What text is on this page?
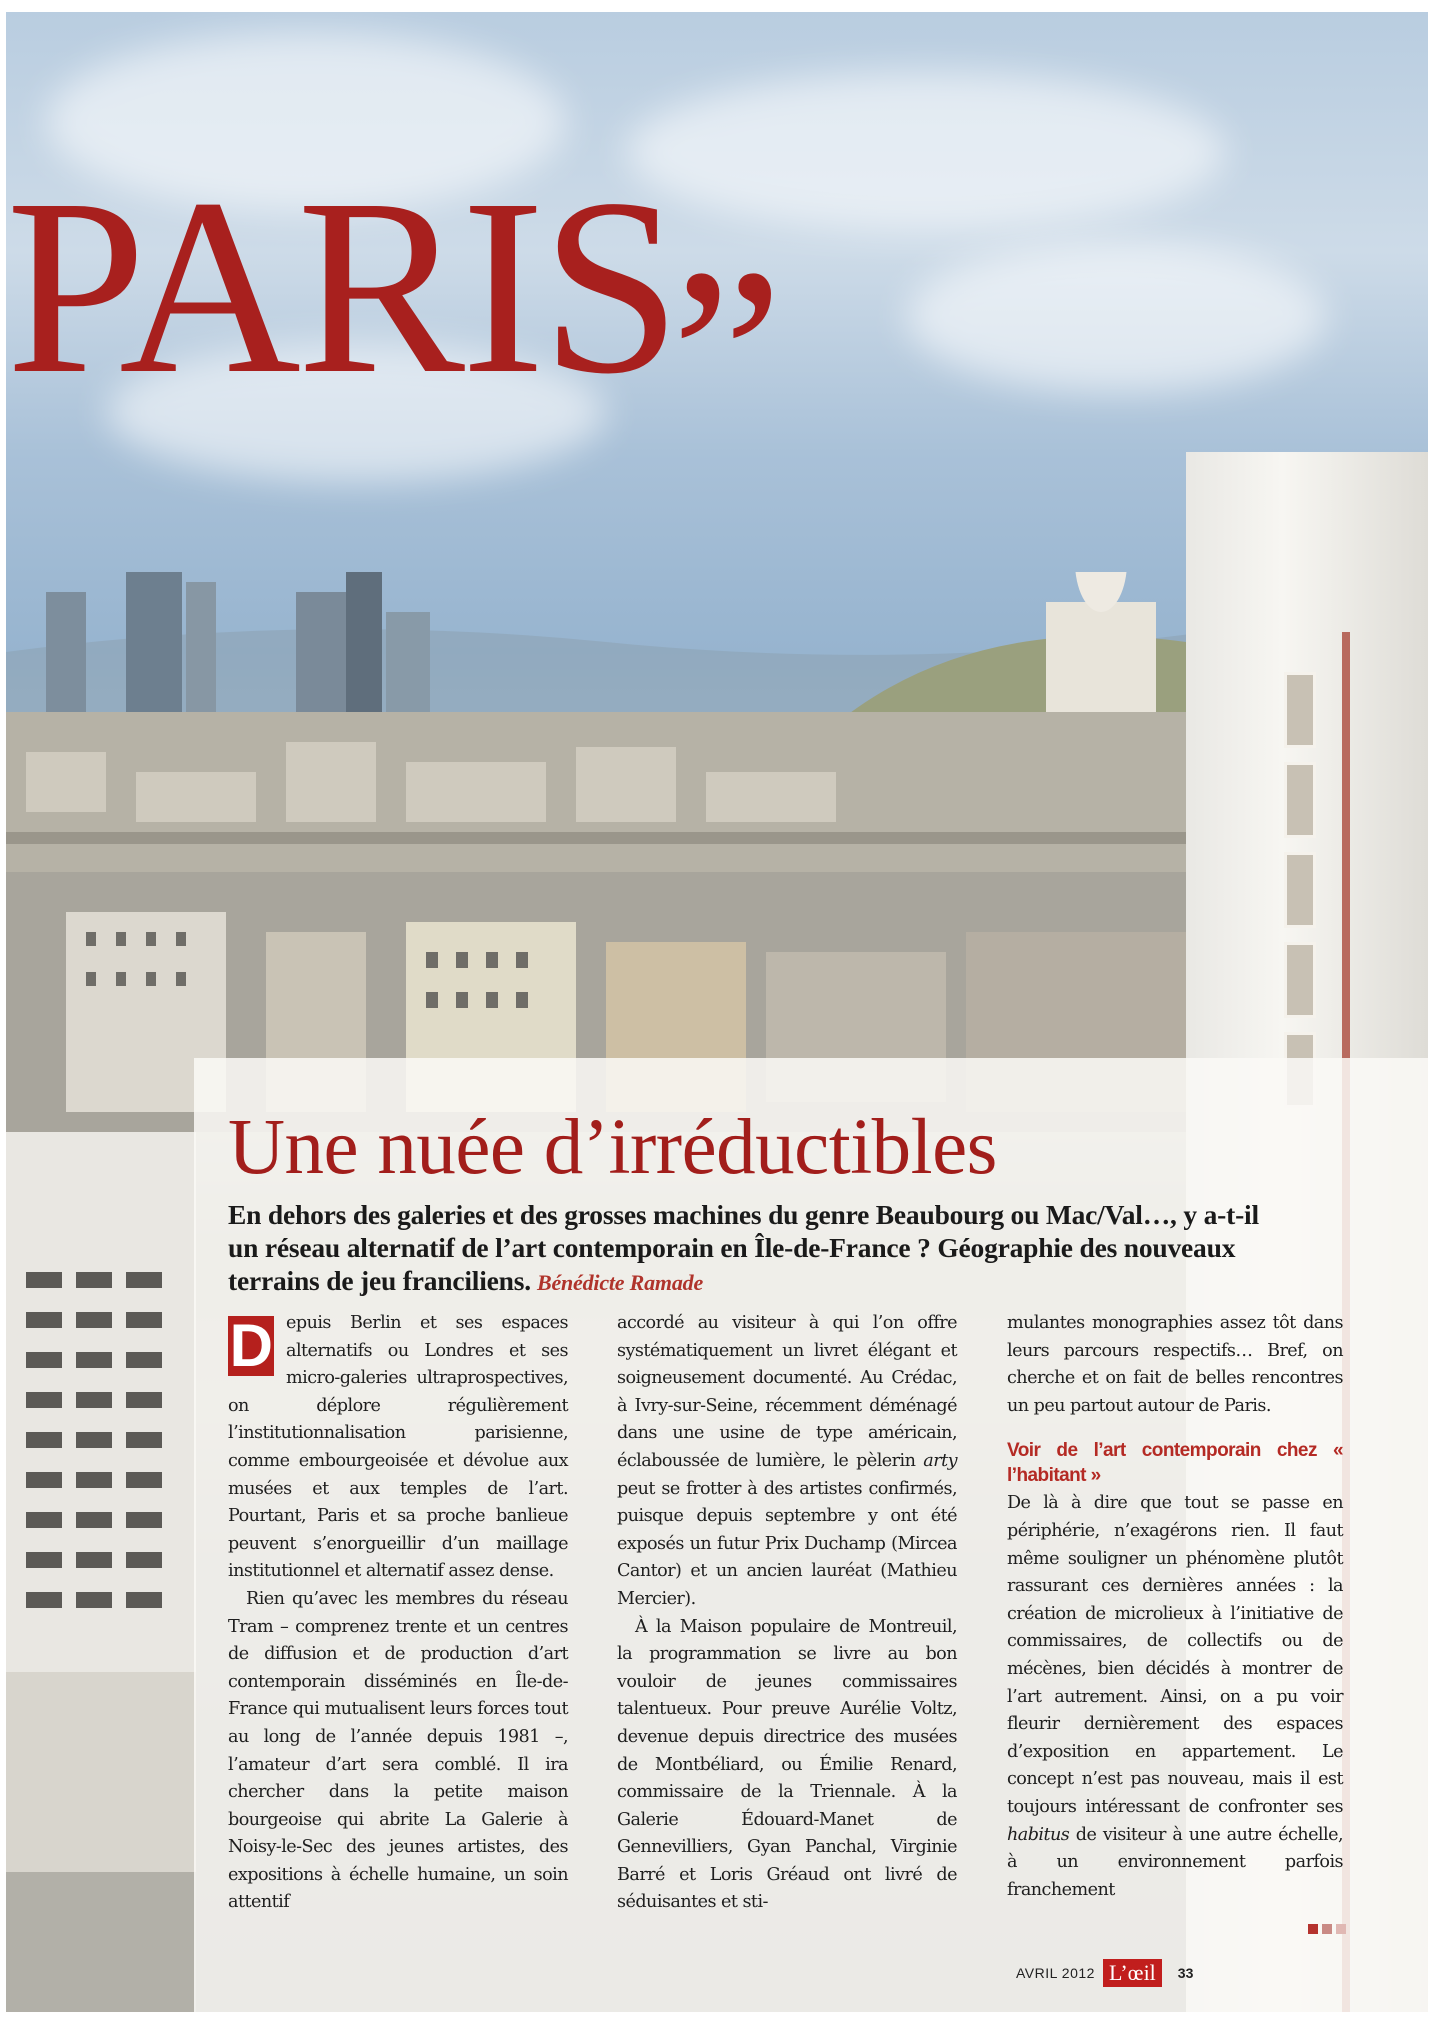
PARIS”
Une nuée d’irréductibles

En dehors des galeries et des grosses machines du genre Beaubourg ou Mac/Val…, y a-t-il un réseau alternatif de l’art contemporain en Île-de-France ? Géographie des nouveaux terrains de jeu franciliens. Bénédicte Ramade

D epuis Berlin et ses espaces alternatifs ou Londres et ses micro-galeries ultraprospectives, on déplore régulièrement l’institutionnalisation parisienne, comme embourgeoisée et dévolue aux musées et aux temples de l’art. Pourtant, Paris et sa proche banlieue peuvent s’enorgueillir d’un maillage institutionnel et alternatif assez dense.

Rien qu’avec les membres du réseau Tram – comprenez trente et un centres de diffusion et de production d’art contemporain disséminés en Île-de-France qui mutualisent leurs forces tout au long de l’année depuis 1981 –, l’amateur d’art sera comblé. Il ira chercher dans la petite maison bourgeoise qui abrite La Galerie à Noisy-le-Sec des jeunes artistes, des expositions à échelle humaine, un soin attentif

accordé au visiteur à qui l’on offre systématiquement un livret élégant et soigneusement documenté. Au Crédac, à Ivry-sur-Seine, récemment déménagé dans une usine de type américain, éclaboussée de lumière, le pèlerin arty peut se frotter à des artistes confirmés, puisque depuis septembre y ont été exposés un futur Prix Duchamp (Mircea Cantor) et un ancien lauréat (Mathieu Mercier).

À la Maison populaire de Montreuil, la programmation se livre au bon vouloir de jeunes commissaires talentueux. Pour preuve Aurélie Voltz, devenue depuis directrice des musées de Montbéliard, ou Émilie Renard, commissaire de la Triennale. À la Galerie Édouard-Manet de Gennevilliers, Gyan Panchal, Virginie Barré et Loris Gréaud ont livré de séduisantes et sti-

mulantes monographies assez tôt dans leurs parcours respectifs… Bref, on cherche et on fait de belles rencontres un peu partout autour de Paris.

Voir de l’art contemporain chez « l’habitant »

De là à dire que tout se passe en périphérie, n’exagérons rien. Il faut même souligner un phénomène plutôt rassurant ces dernières années : la création de microlieux à l’initiative de commissaires, de collectifs ou de mécènes, bien décidés à montrer de l’art autrement. Ainsi, on a pu voir fleurir dernièrement des espaces d’exposition en appartement. Le concept n’est pas nouveau, mais il est toujours intéressant de confronter ses habitus de visiteur à une autre échelle, à un environnement parfois franchement

AVRIL 2012 L’œil	33
